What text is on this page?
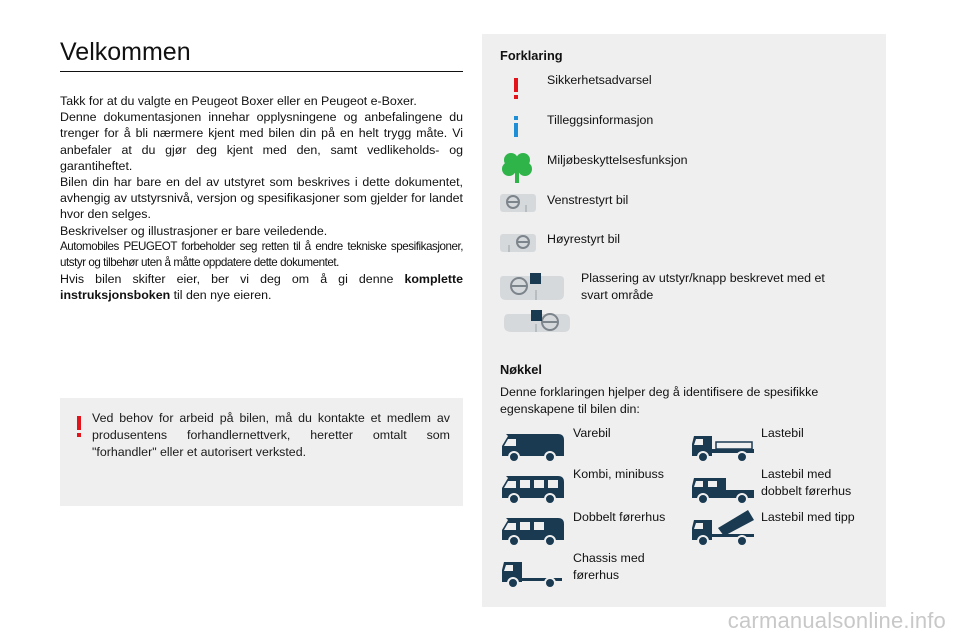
Velkommen

Takk for at du valgte en Peugeot Boxer eller en Peugeot e-Boxer.

Denne dokumentasjonen innehar opplysningene og anbefalingene du trenger for å bli nærmere kjent med bilen din på en helt trygg måte. Vi anbefaler at du gjør deg kjent med den, samt vedlikeholds- og garantiheftet.

Bilen din har bare en del av utstyret som beskrives i dette dokumentet, avhengig av utstyrsnivå, versjon og spesifikasjoner som gjelder for landet hvor den selges.

Beskrivelser og illustrasjoner er bare veiledende.

Automobiles PEUGEOT forbeholder seg retten til å endre tekniske spesifikasjoner, utstyr og tilbehør uten å måtte oppdatere dette dokumentet.

Hvis bilen skifter eier, ber vi deg om å gi denne komplette instruksjonsboken til den nye eieren.

Ved behov for arbeid på bilen, må du kontakte et medlem av produsentens forhandlernettverk, heretter omtalt som "forhandler" eller et autorisert verksted.
Forklaring
Sikkerhetsadvarsel
Tilleggsinformasjon
Miljøbeskyttelsesfunksjon
Venstrestyrt bil
Høyrestyrt bil
Plassering av utstyr/knapp beskrevet med et svart område
Nøkkel
Denne forklaringen hjelper deg å identifisere de spesifikke egenskapene til bilen din:
Varebil	Lastebil
Kombi, minibuss	Lastebil med dobbelt førerhus
Dobbelt førerhus	Lastebil med tipp
Chassis med førerhus
carmanualsonline.info
